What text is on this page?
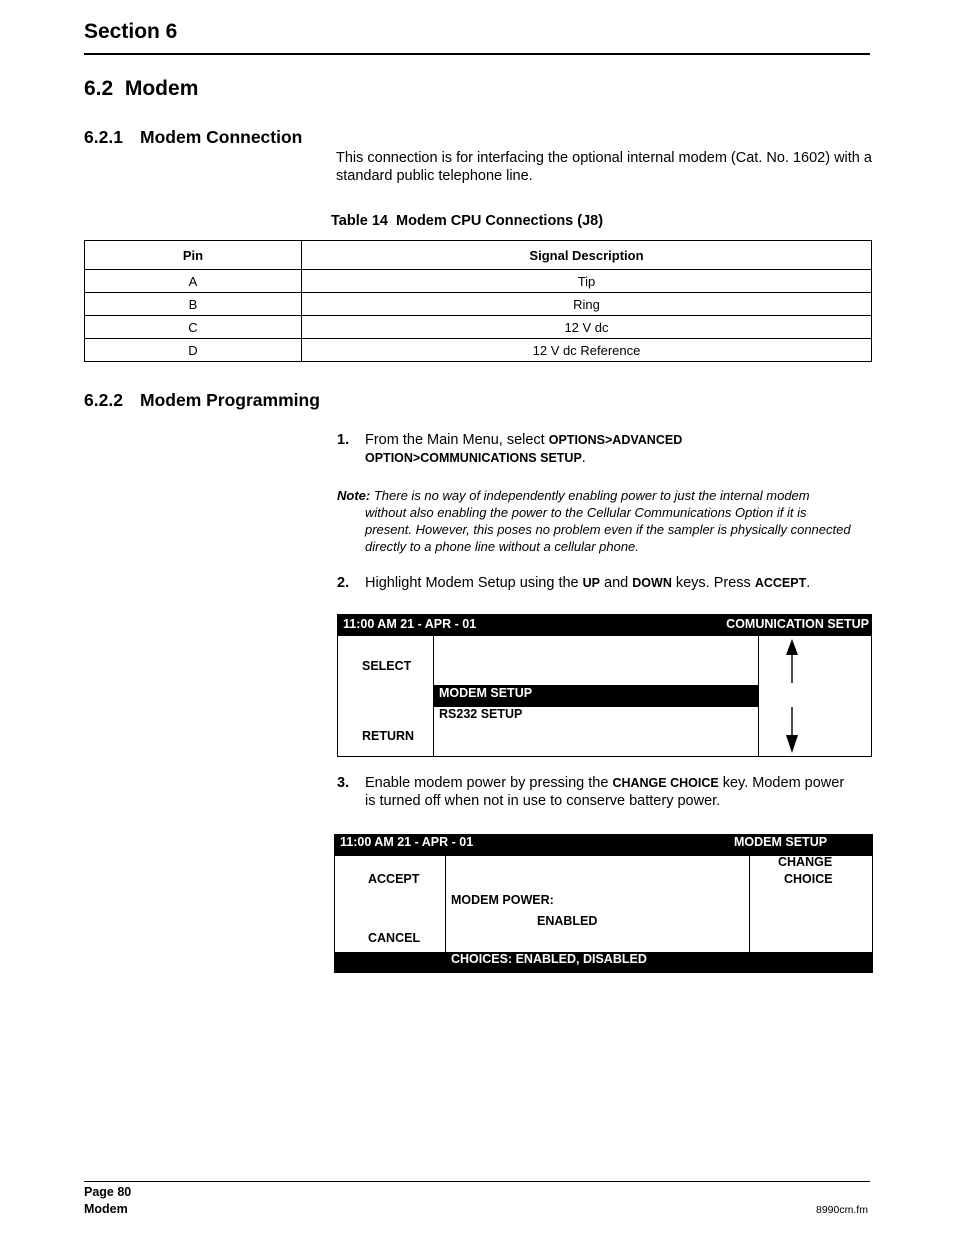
Section 6
6.2  Modem
6.2.1 Modem Connection
This connection is for interfacing the optional internal modem (Cat. No. 1602) with a standard public telephone line.
Table 14  Modem CPU Connections (J8)
Pin	Signal Description
A	Tip
B	Ring
C	12 V dc
D	12 V dc Reference
6.2.2 Modem Programming
1. From the Main Menu, select OPTIONS>ADVANCED OPTION>COMMUNICATIONS SETUP.
Note: There is no way of independently enabling power to just the internal modem without also enabling the power to the Cellular Communications Option if it is present. However, this poses no problem even if the sampler is physically connected directly to a phone line without a cellular phone.
2. Highlight Modem Setup using the UP and DOWN keys. Press ACCEPT.
11:00 AM 21 - APR - 01	COMUNICATION SETUP
SELECT
RETURN
MODEM SETUP
RS232 SETUP
3. Enable modem power by pressing the CHANGE CHOICE key. Modem power is turned off when not in use to conserve battery power.
11:00 AM 21 - APR - 01	MODEM SETUP
ACCEPT
CANCEL
CHANGE
CHOICE
MODEM POWER:
ENABLED
CHOICES: ENABLED, DISABLED
Page 80
Modem	8990cm.fm
